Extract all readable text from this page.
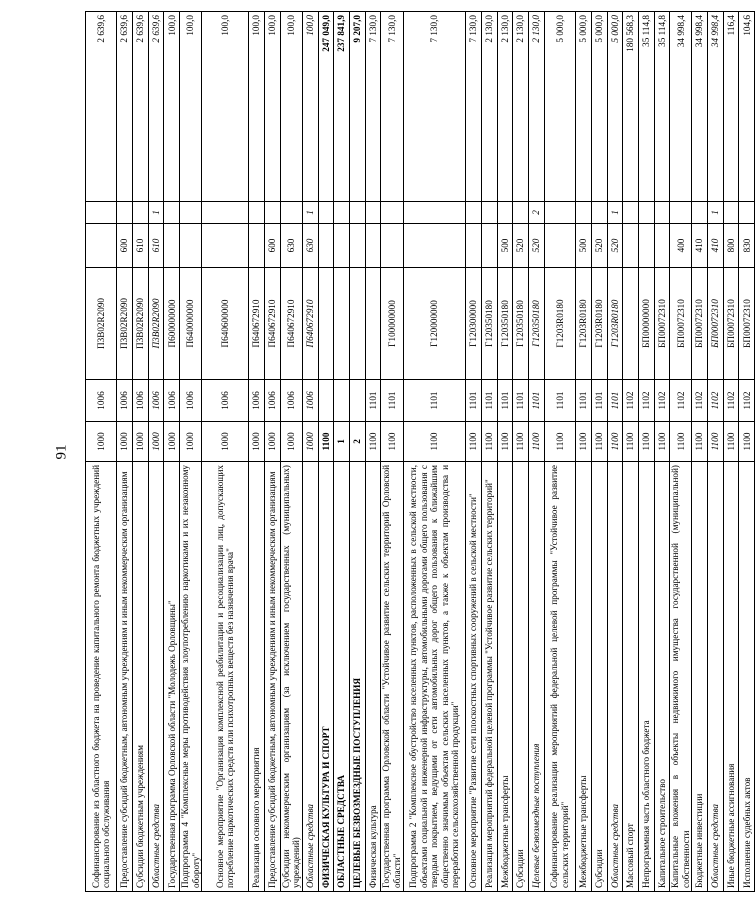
91
Софинансирование из областного бюджета на проведение капитального ремонта бюджетных учреждений социального обслуживания	1000	1006	П3В02R2090			2 639,6
Предоставление субсидий бюджетным, автономным учреждениям и иным некоммерческим организациям	1000	1006	П3В02R2090	600		2 639,6
Субсидии бюджетным учреждениям	1000	1006	П3В02R2090	610		2 639,6
Областные средства	1000	1006	П3В02R2090	610	1	2 639,6
Государственная программа Орловской области "Молодежь Орловщины"	1000	1006	П600000000			100,0
Подпрограмма 4 "Комплексные меры противодействия злоупотреблению наркотиками и их незаконному обороту"	1000	1006	П640000000			100,0
Основное мероприятие "Организация комплексной реабилитации и ресоциализации лиц, допускающих потребление наркотических средств или психотропных веществ без назначения врача"	1000	1006	П640600000			100,0
Реализация основного мероприятия	1000	1006	П640672910			100,0
Предоставление субсидий бюджетным, автономным учреждениям и иным некоммерческим организациям	1000	1006	П640672910	600		100,0
Субсидии некоммерческим организациям (за исключением государственных (муниципальных) учреждений)	1000	1006	П640672910	630		100,0
Областные средства	1000	1006	П640672910	630	1	100,0
ФИЗИЧЕСКАЯ КУЛЬТУРА И СПОРТ	1100					247 049,0
ОБЛАСТНЫЕ СРЕДСТВА	1					237 841,9
ЦЕЛЕВЫЕ БЕЗВОЗМЕЗДНЫЕ ПОСТУПЛЕНИЯ	2					9 207,0
Физическая культура	1100	1101				7 130,0
Государственная программа Орловской области "Устойчивое развитие сельских территорий Орловской области"	1100	1101	Г100000000			7 130,0
Подпрограмма 2 "Комплексное обустройство населенных пунктов, расположенных в сельской местности, объектами социальной и инженерной инфраструктуры, автомобильными дорогами общего пользования с твердым покрытием, ведущими от сети автомобильных дорог общего пользования к ближайшим общественно значимым объектам сельских населенных пунктов, а также к объектам производства и переработки сельскохозяйственной продукции"	1100	1101	Г120000000			7 130,0
Основное мероприятие "Развитие сети плоскостных спортивных сооружений в сельской местности"	1100	1101	Г120300000			7 130,0
Реализация мероприятий федеральной целевой программы "Устойчивое развитие сельских территорий"	1100	1101	Г120350180			2 130,0
Межбюджетные трансферты	1100	1101	Г120350180	500		2 130,0
Субсидии	1100	1101	Г120350180	520		2 130,0
Целевые безвозмездные поступления	1100	1101	Г120350180	520	2	2 130,0
Софинансирование реализации мероприятий федеральной целевой программы "Устойчивое развитие сельских территорий"	1100	1101	Г1203R0180			5 000,0
Межбюджетные трансферты	1100	1101	Г1203R0180	500		5 000,0
Субсидии	1100	1101	Г1203R0180	520		5 000,0
Областные средства	1100	1101	Г1203R0180	520	1	5 000,0
Массовый спорт	1100	1102				180 568,3
Непрограммная часть областного бюджета	1100	1102	БП00000000			35 114,8
Капитальное строительство	1100	1102	БП00072310			35 114,8
Капитальные вложения в объекты недвижимого имущества государственной (муниципальной) собственности	1100	1102	БП00072310	400		34 998,4
Бюджетные инвестиции	1100	1102	БП00072310	410		34 998,4
Областные средства	1100	1102	БП00072310	410	1	34 998,4
Иные бюджетные ассигнования	1100	1102	БП00072310	800		116,4
Исполнение судебных актов	1100	1102	БП00072310	830		104,6
